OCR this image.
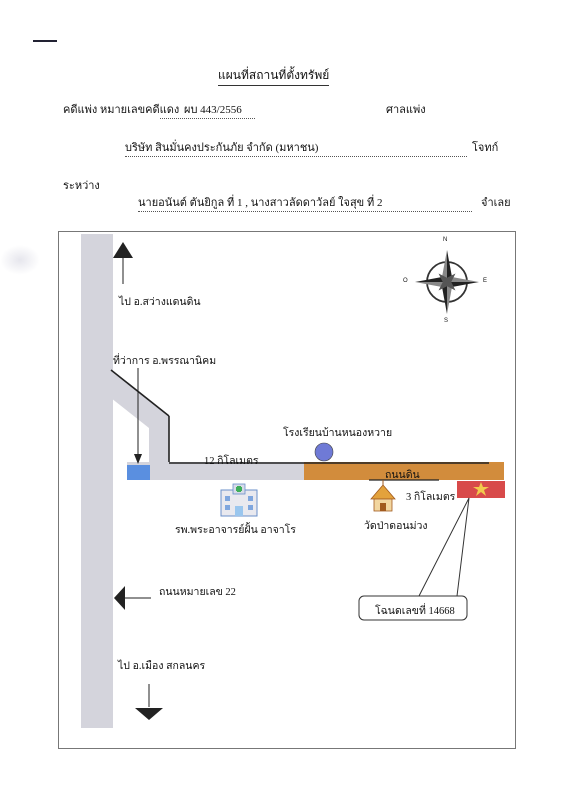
แผนที่สถานที่ตั้งทรัพย์
คดีแพ่ง หมายเลขคดีแดง ผบ 443/2556	ศาลแพ่ง
บริษัท สินมั่นคงประกันภัย จำกัด (มหาชน)	โจทก์
ระหว่าง
นายอนันต์ ตันยิกูล ที่ 1 , นางสาวลัดดาวัลย์ ใจสุข ที่ 2	จำเลย
N
S
E
O
ไป อ.สว่างแดนดิน
ที่ว่าการ อ.พรรณานิคม
โรงเรียนบ้านหนองหวาย
12 กิโลเมตร
ถนนดิน
3 กิโลเมตร
วัดป่าดอนม่วง
รพ.พระอาจารย์ฝั้น อาจาโร
ถนนหมายเลข 22
ไป อ.เมือง สกลนคร
โฉนดเลขที่ 14668
